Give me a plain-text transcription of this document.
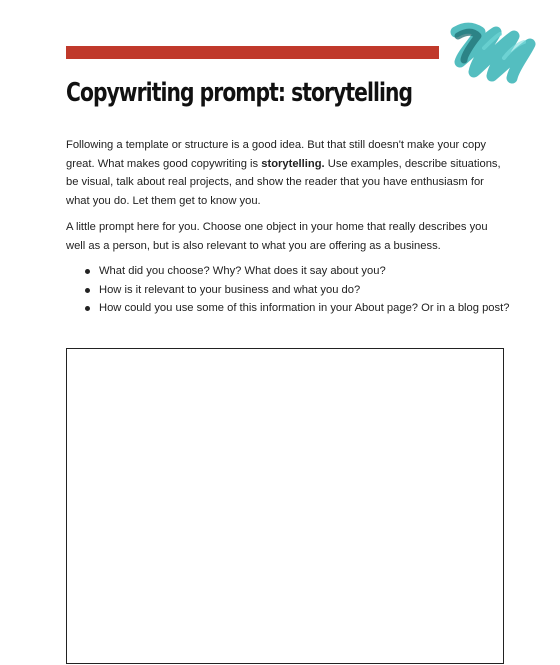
Copywriting prompt: storytelling

Following a template or structure is a good idea. But that still doesn't make your copy great. What makes good copywriting is storytelling. Use examples, describe situations, be visual, talk about real projects, and show the reader that you have enthusiasm for what you do. Let them get to know you.

A little prompt here for you. Choose one object in your home that really describes you well as a person, but is also relevant to what you are offering as a business.

What did you choose? Why? What does it say about you?
How is it relevant to your business and what you do?
How could you use some of this information in your About page? Or in a blog post?
